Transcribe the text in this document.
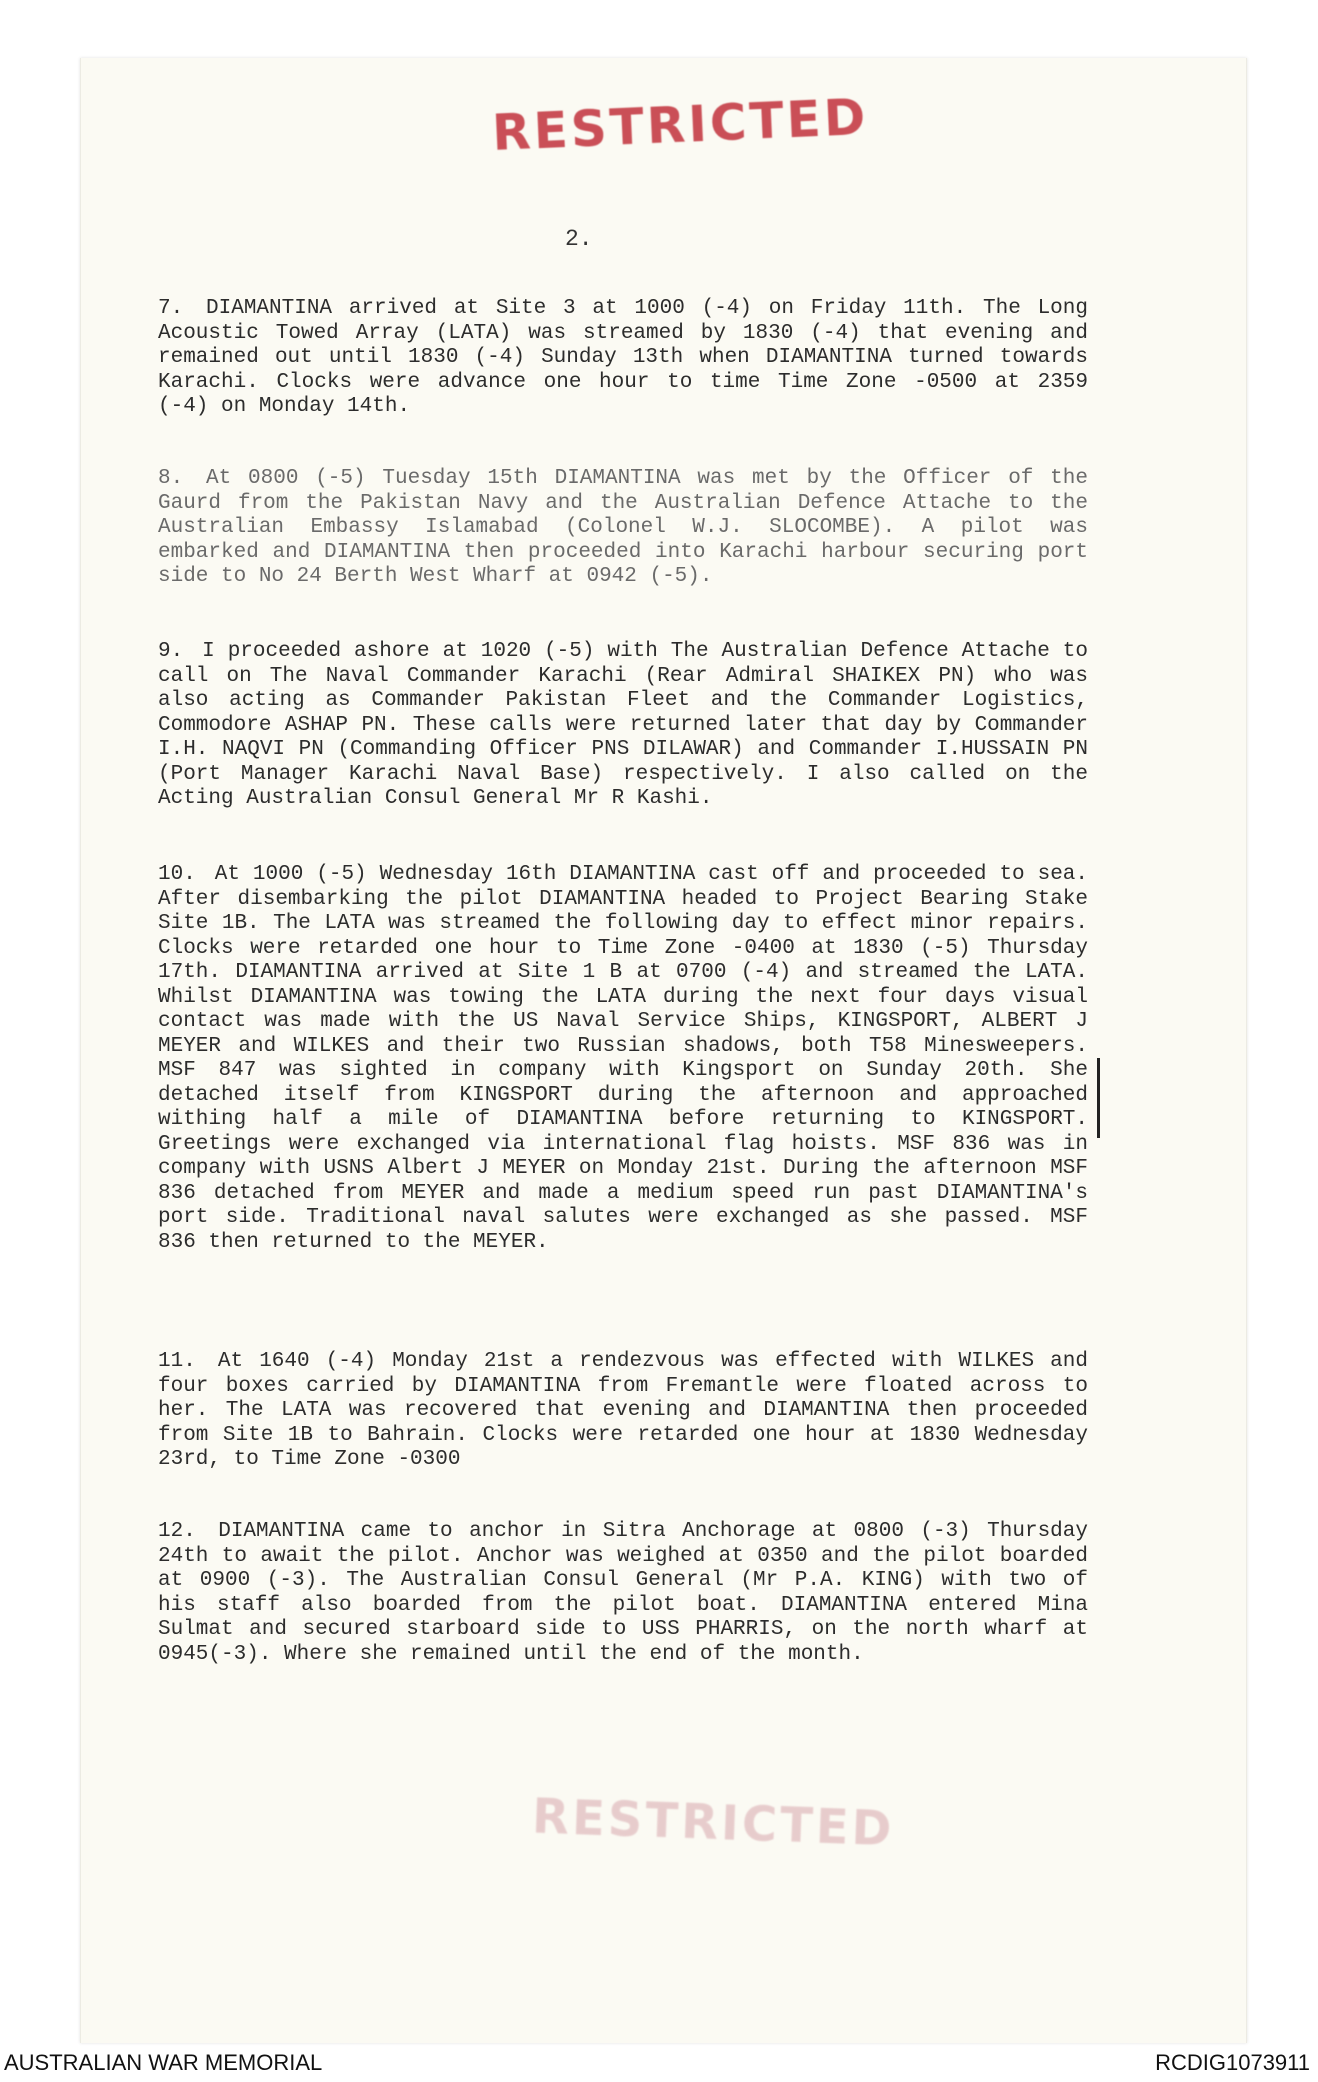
RESTRICTED
2.

7. DIAMANTINA arrived at Site 3 at 1000 (-4) on Friday 11th. The Long Acoustic Towed Array (LATA) was streamed by 1830 (-4) that evening and remained out until 1830 (-4) Sunday 13th when DIAMANTINA turned towards Karachi. Clocks were advance one hour to time Time Zone -0500 at 2359 (-4) on Monday 14th.

8. At 0800 (-5) Tuesday 15th DIAMANTINA was met by the Officer of the Gaurd from the Pakistan Navy and the Australian Defence Attache to the Australian Embassy Islamabad (Colonel W.J. SLOCOMBE). A pilot was embarked and DIAMANTINA then proceeded into Karachi harbour securing port side to No 24 Berth West Wharf at 0942 (-5).

9. I proceeded ashore at 1020 (-5) with The Australian Defence Attache to call on The Naval Commander Karachi (Rear Admiral SHAIKEX PN) who was also acting as Commander Pakistan Fleet and the Commander Logistics, Commodore ASHAP PN. These calls were returned later that day by Commander I.H. NAQVI PN (Commanding Officer PNS DILAWAR) and Commander I.HUSSAIN PN (Port Manager Karachi Naval Base) respectively. I also called on the Acting Australian Consul General Mr R Kashi.

10. At 1000 (-5) Wednesday 16th DIAMANTINA cast off and proceeded to sea. After disembarking the pilot DIAMANTINA headed to Project Bearing Stake Site 1B. The LATA was streamed the following day to effect minor repairs. Clocks were retarded one hour to Time Zone -0400 at 1830 (-5) Thursday 17th. DIAMANTINA arrived at Site 1 B at 0700 (-4) and streamed the LATA. Whilst DIAMANTINA was towing the LATA during the next four days visual contact was made with the US Naval Service Ships, KINGSPORT, ALBERT J MEYER and WILKES and their two Russian shadows, both T58 Minesweepers. MSF 847 was sighted in company with Kingsport on Sunday 20th. She detached itself from KINGSPORT during the afternoon and approached withing half a mile of DIAMANTINA before returning to KINGSPORT. Greetings were exchanged via international flag hoists. MSF 836 was in company with USNS Albert J MEYER on Monday 21st. During the afternoon MSF 836 detached from MEYER and made a medium speed run past DIAMANTINA's port side. Traditional naval salutes were exchanged as she passed. MSF 836 then returned to the MEYER.

11. At 1640 (-4) Monday 21st a rendezvous was effected with WILKES and four boxes carried by DIAMANTINA from Fremantle were floated across to her. The LATA was recovered that evening and DIAMANTINA then proceeded from Site 1B to Bahrain. Clocks were retarded one hour at 1830 Wednesday 23rd, to Time Zone -0300

12. DIAMANTINA came to anchor in Sitra Anchorage at 0800 (-3) Thursday 24th to await the pilot. Anchor was weighed at 0350 and the pilot boarded at 0900 (-3). The Australian Consul General (Mr P.A. KING) with two of his staff also boarded from the pilot boat. DIAMANTINA entered Mina Sulmat and secured starboard side to USS PHARRIS, on the north wharf at 0945(-3). Where she remained until the end of the month.

RESTRICTED
AUSTRALIAN WAR MEMORIAL	RCDIG1073911
